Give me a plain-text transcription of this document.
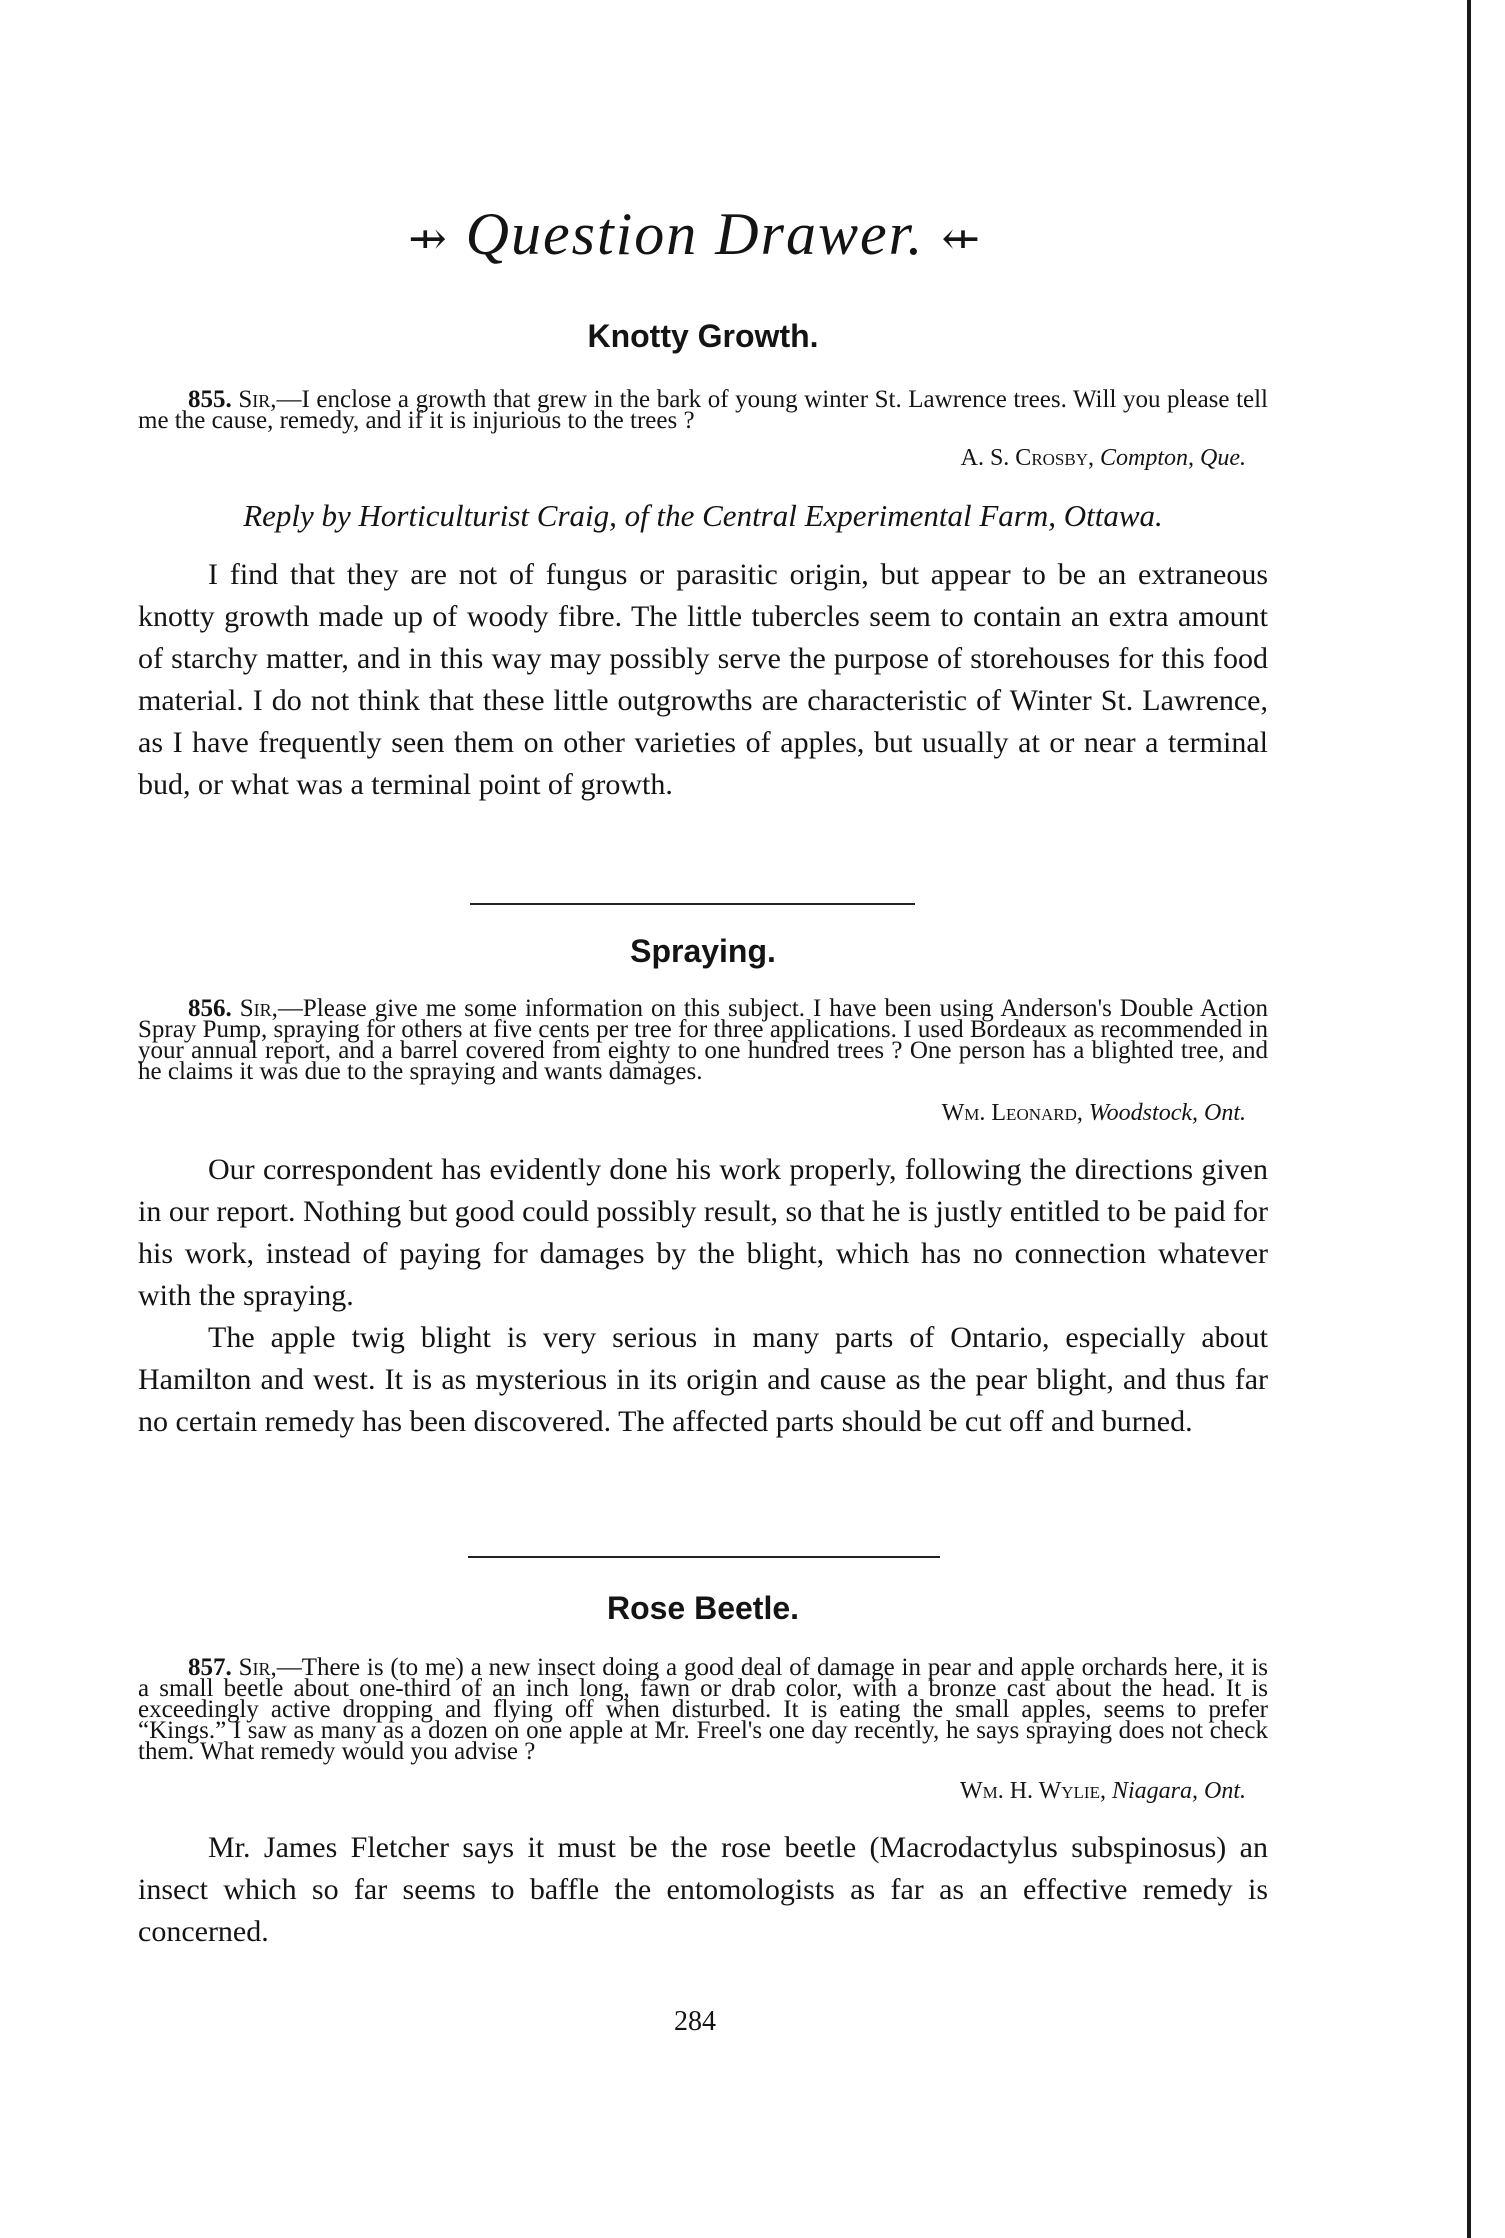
⇸ Question Drawer. ⇷
Knotty Growth.

855. Sir,—I enclose a growth that grew in the bark of young winter St. Lawrence trees. Will you please tell me the cause, remedy, and if it is injurious to the trees ?

A. S. Crosby, Compton, Que.

Reply by Horticulturist Craig, of the Central Experimental Farm, Ottawa.

I find that they are not of fungus or parasitic origin, but appear to be an extraneous knotty growth made up of woody fibre. The little tubercles seem to contain an extra amount of starchy matter, and in this way may possibly serve the purpose of storehouses for this food material. I do not think that these little outgrowths are characteristic of Winter St. Lawrence, as I have frequently seen them on other varieties of apples, but usually at or near a terminal bud, or what was a terminal point of growth.

Spraying.

856. Sir,—Please give me some information on this subject. I have been using Anderson's Double Action Spray Pump, spraying for others at five cents per tree for three applications. I used Bordeaux as recommended in your annual report, and a barrel covered from eighty to one hundred trees ? One person has a blighted tree, and he claims it was due to the spraying and wants damages.

Wm. Leonard, Woodstock, Ont.

Our correspondent has evidently done his work properly, following the directions given in our report. Nothing but good could possibly result, so that he is justly entitled to be paid for his work, instead of paying for damages by the blight, which has no connection whatever with the spraying.

The apple twig blight is very serious in many parts of Ontario, especially about Hamilton and west. It is as mysterious in its origin and cause as the pear blight, and thus far no certain remedy has been discovered. The affected parts should be cut off and burned.

Rose Beetle.

857. Sir,—There is (to me) a new insect doing a good deal of damage in pear and apple orchards here, it is a small beetle about one-third of an inch long, fawn or drab color, with a bronze cast about the head. It is exceedingly active dropping and flying off when disturbed. It is eating the small apples, seems to prefer “Kings.” I saw as many as a dozen on one apple at Mr. Freel's one day recently, he says spraying does not check them. What remedy would you advise ?

Wm. H. Wylie, Niagara, Ont.

Mr. James Fletcher says it must be the rose beetle (Macrodactylus subspinosus) an insect which so far seems to baffle the entomologists as far as an effective remedy is concerned.

284
